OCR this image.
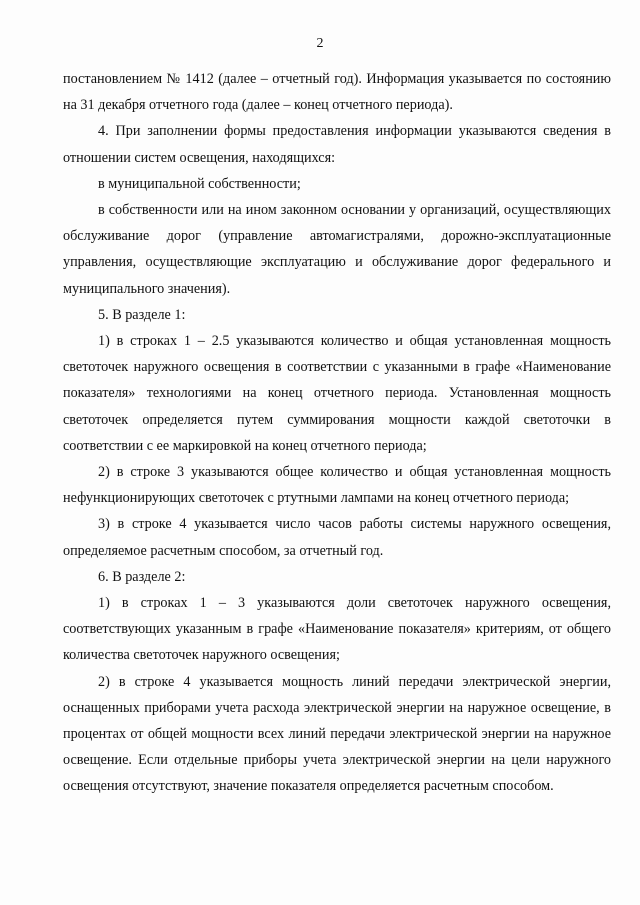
2

постановлением № 1412 (далее – отчетный год). Информация указывается по состоянию на 31 декабря отчетного года (далее – конец отчетного периода).

4. При заполнении формы предоставления информации указываются сведения в отношении систем освещения, находящихся:

в муниципальной собственности;

в собственности или на ином законном основании у организаций, осуществляющих обслуживание дорог (управление автомагистралями, дорожно-эксплуатационные управления, осуществляющие эксплуатацию и обслуживание дорог федерального и муниципального значения).

5. В разделе 1:

1) в строках 1 – 2.5 указываются количество и общая установленная мощность светоточек наружного освещения в соответствии с указанными в графе «Наименование показателя» технологиями на конец отчетного периода. Установленная мощность светоточек определяется путем суммирования мощности каждой светоточки в соответствии с ее маркировкой на конец отчетного периода;

2) в строке 3 указываются общее количество и общая установленная мощность нефункционирующих светоточек с ртутными лампами на конец отчетного периода;

3) в строке 4 указывается число часов работы системы наружного освещения, определяемое расчетным способом, за отчетный год.

6. В разделе 2:

1) в строках 1 – 3 указываются доли светоточек наружного освещения, соответствующих указанным в графе «Наименование показателя» критериям, от общего количества светоточек наружного освещения;

2) в строке 4 указывается мощность линий передачи электрической энергии, оснащенных приборами учета расхода электрической энергии на наружное освещение, в процентах от общей мощности всех линий передачи электрической энергии на наружное освещение. Если отдельные приборы учета электрической энергии на цели наружного освещения отсутствуют, значение показателя определяется расчетным способом.
